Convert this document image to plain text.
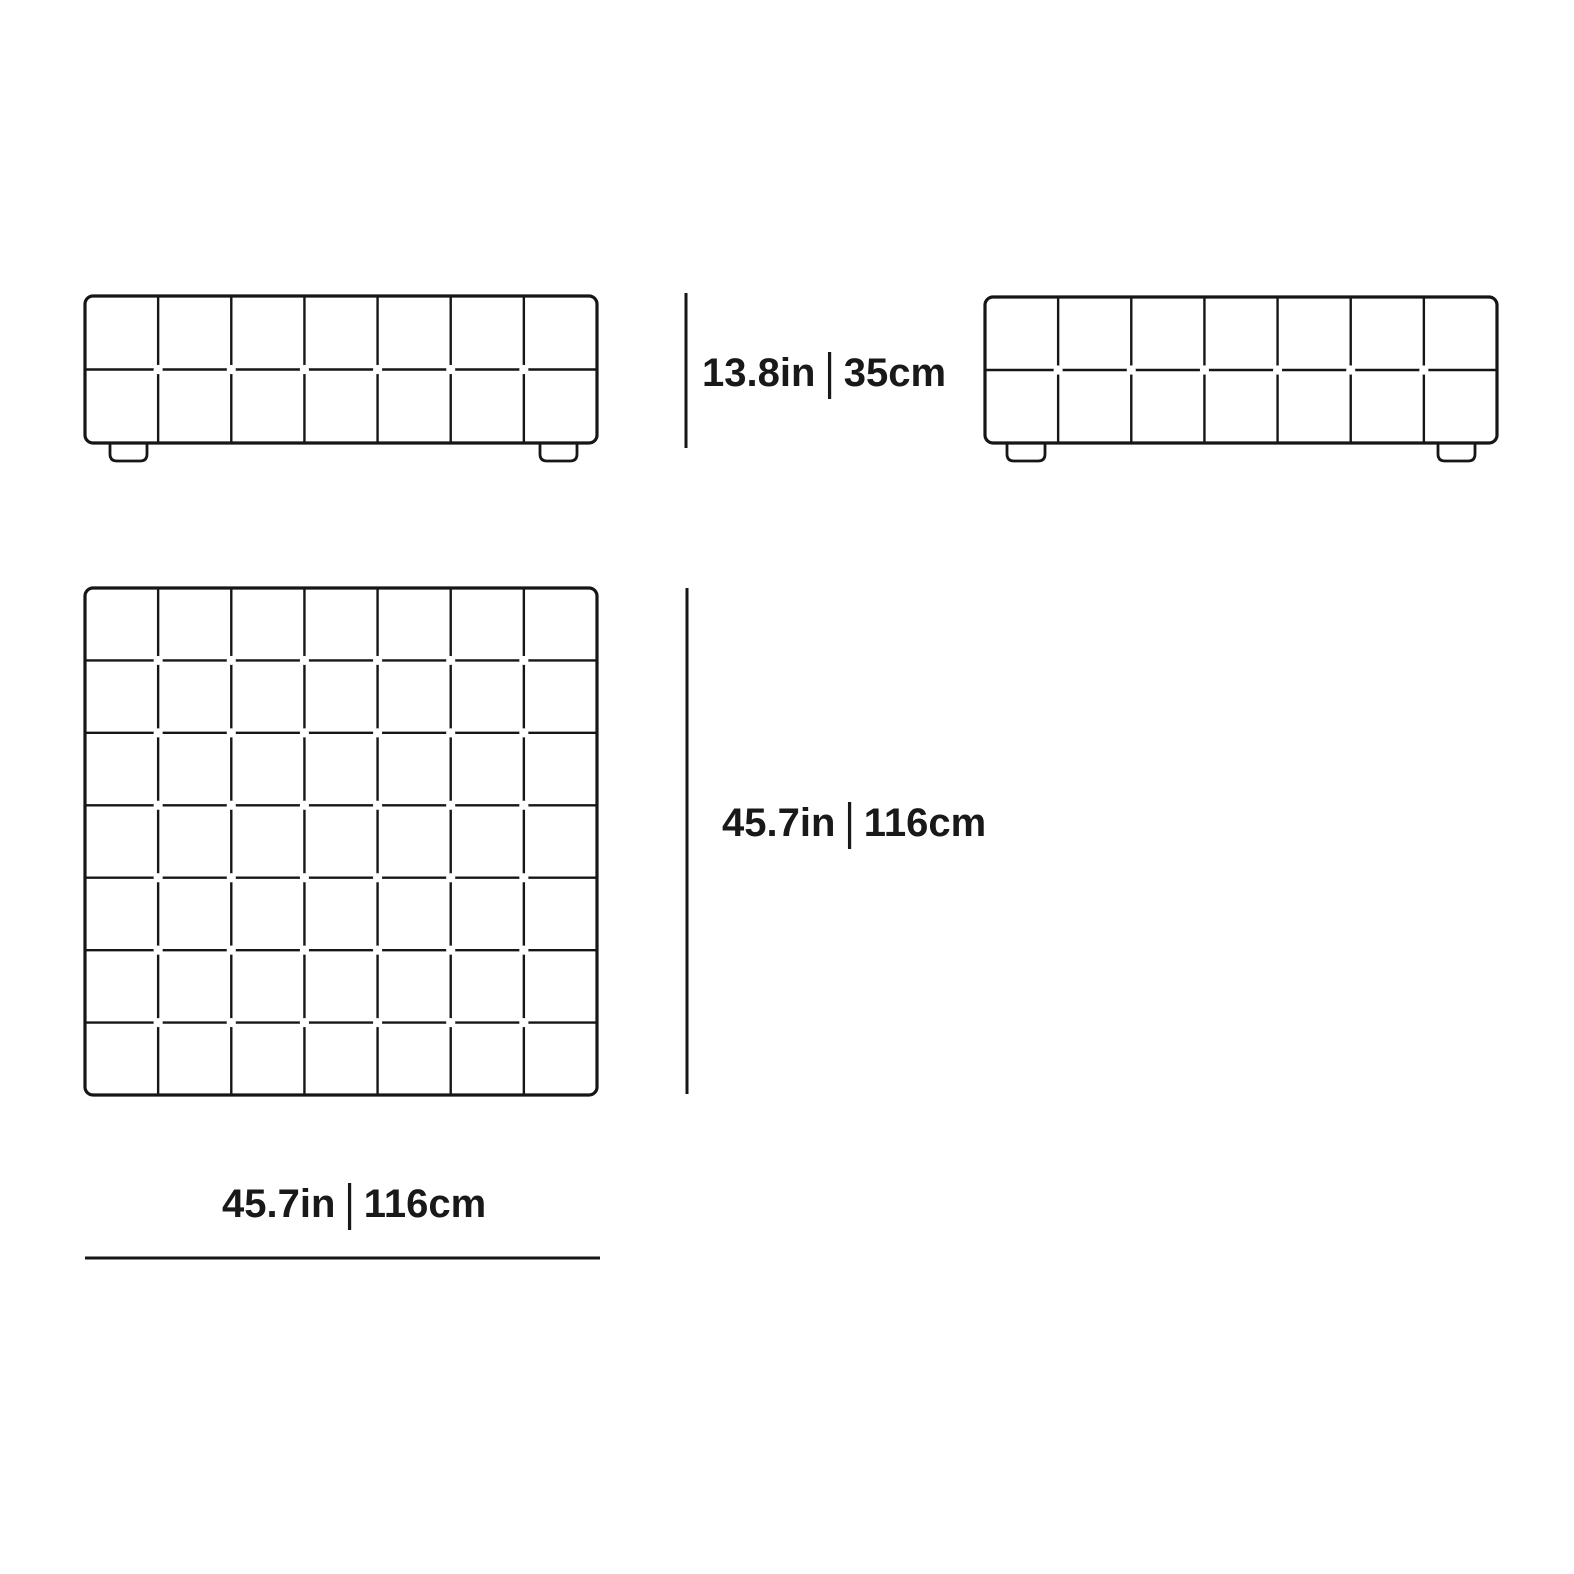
13.8in | 35cm
45.7in | 116cm
45.7in | 116cm
